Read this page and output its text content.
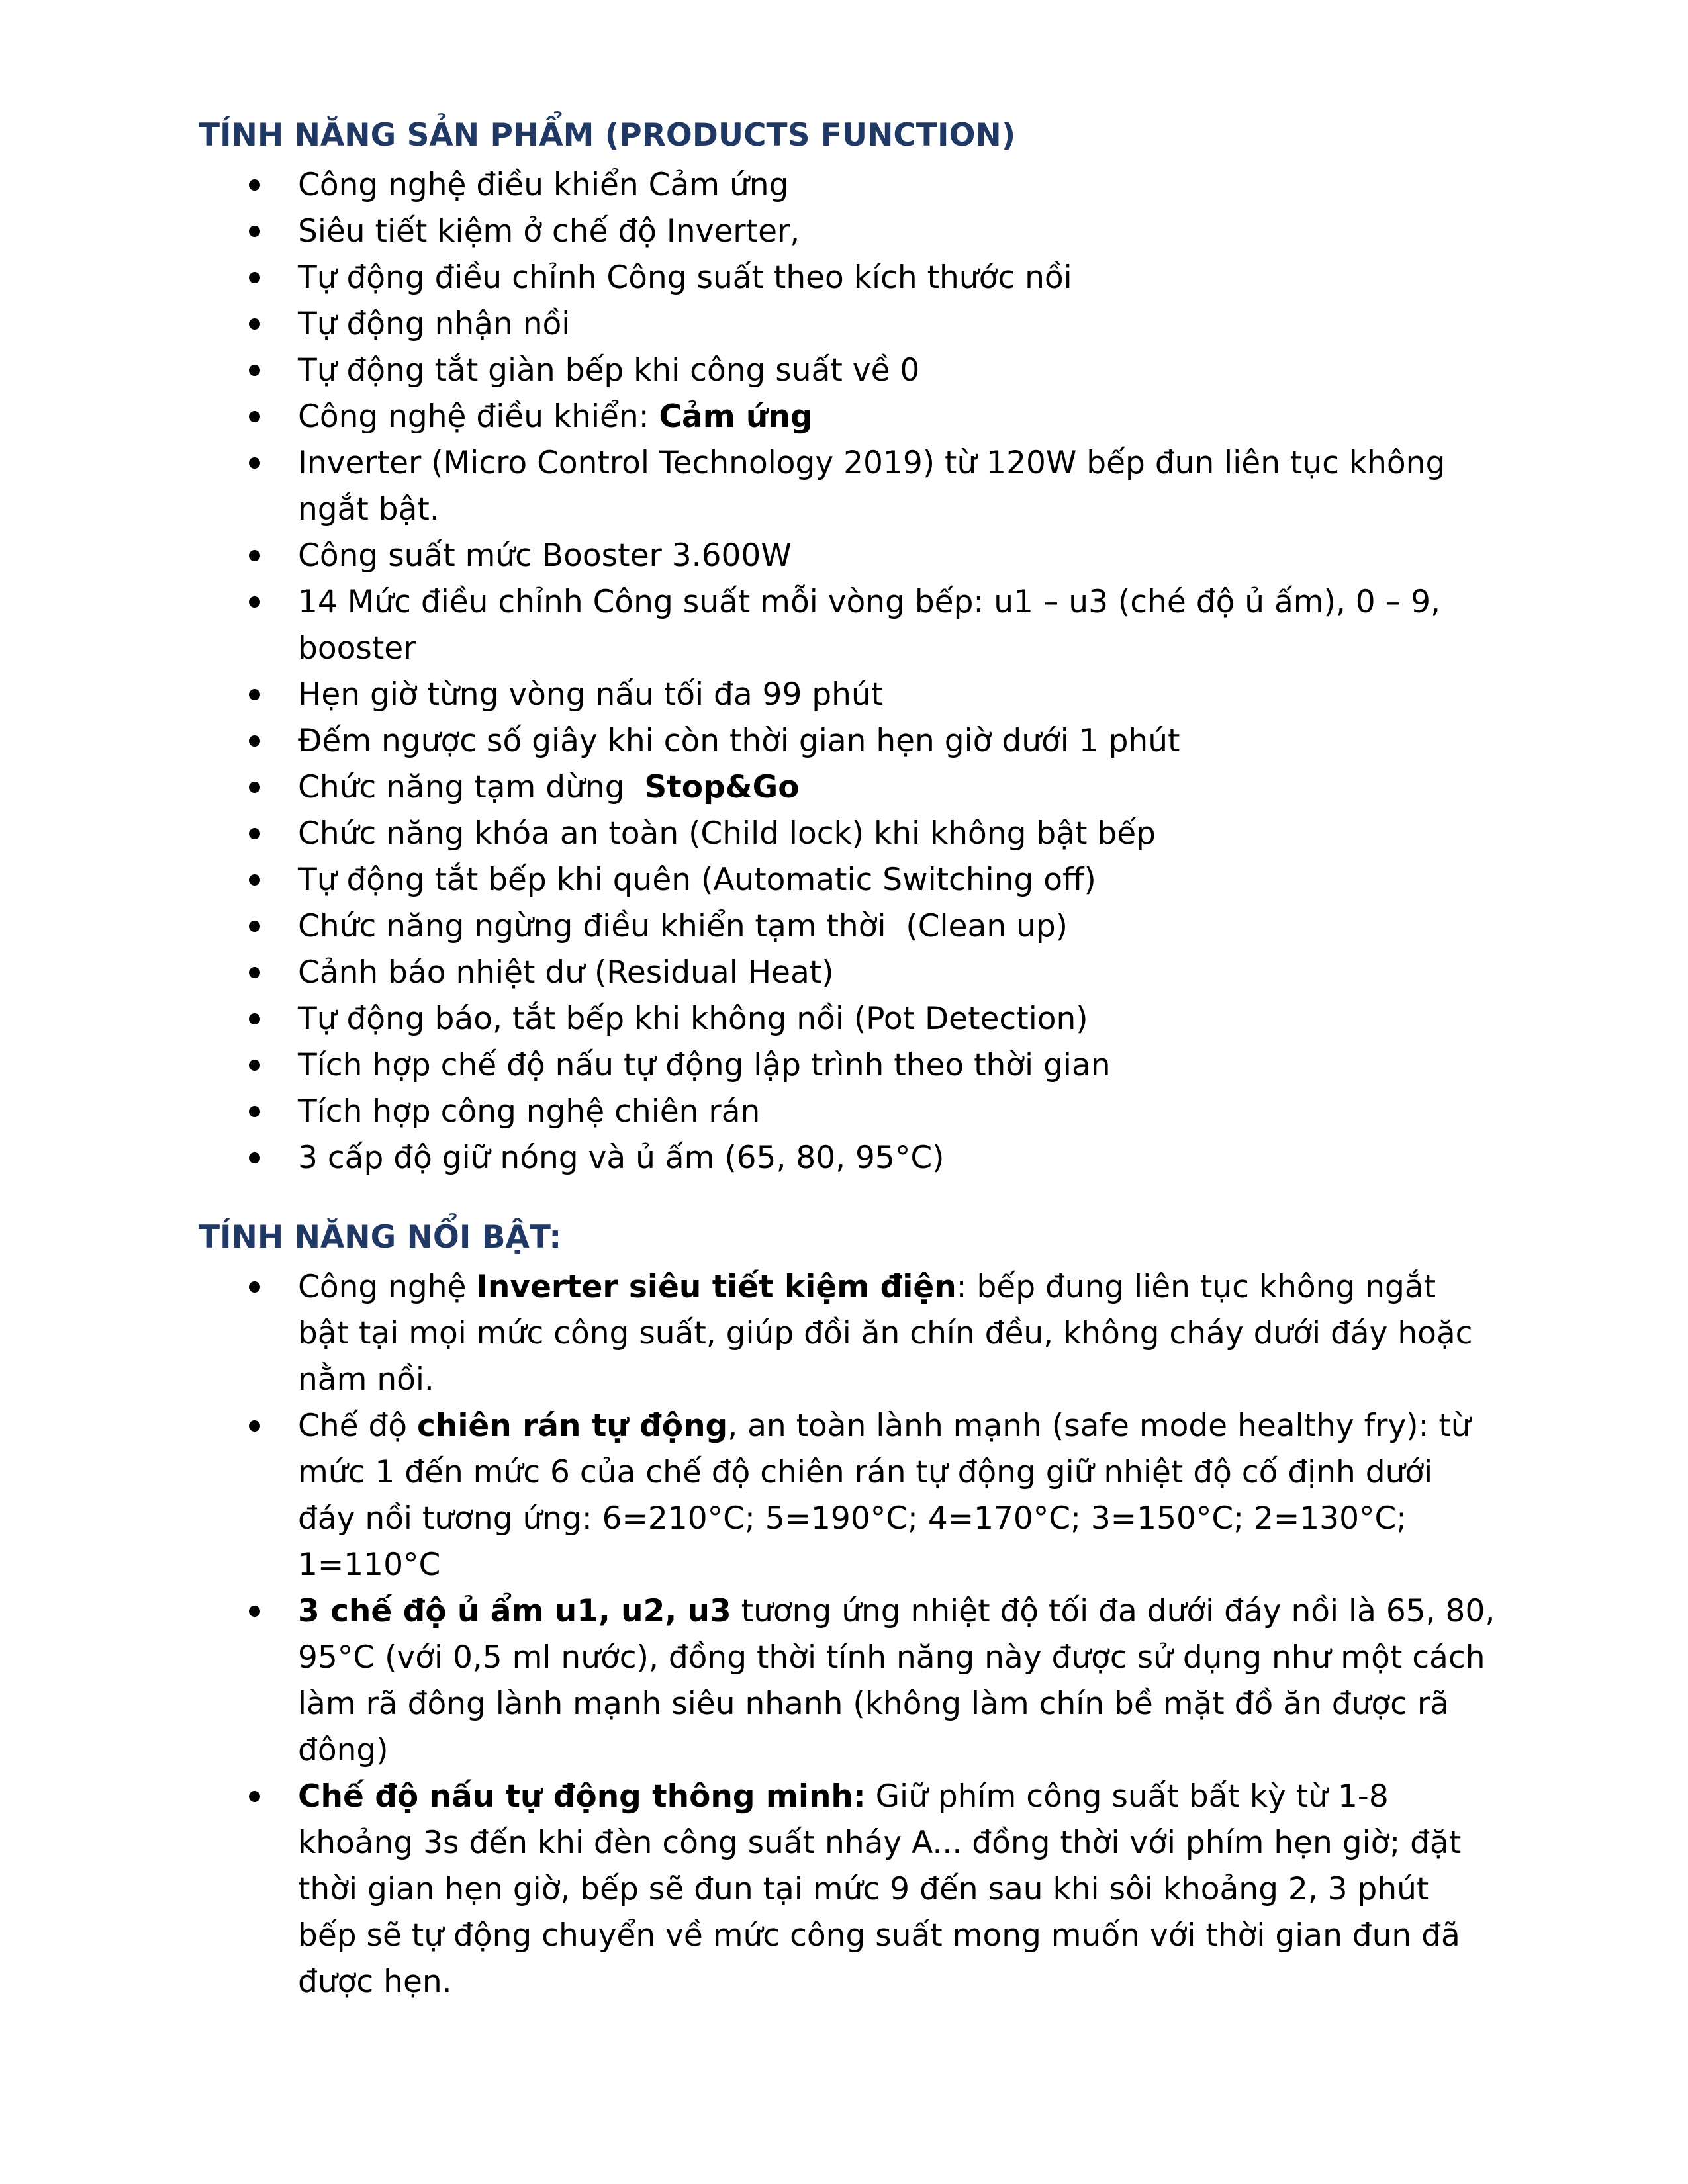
TÍNH NĂNG SẢN PHẨM (PRODUCTS FUNCTION)
Công nghệ điều khiển Cảm ứng
Siêu tiết kiệm ở chế độ Inverter,
Tự động điều chỉnh Công suất theo kích thước nồi
Tự động nhận nồi
Tự động tắt giàn bếp khi công suất về 0
Công nghệ điều khiển: Cảm ứng
Inverter (Micro Control Technology 2019) từ 120W bếp đun liên tục không ngắt bật.
Công suất mức Booster 3.600W
14 Mức điều chỉnh Công suất mỗi vòng bếp: u1 – u3 (ché độ ủ ấm), 0 – 9, booster
Hẹn giờ từng vòng nấu tối đa 99 phút
Đếm ngược số giây khi còn thời gian hẹn giờ dưới 1 phút
Chức năng tạm dừng  Stop&Go
Chức năng khóa an toàn (Child lock) khi không bật bếp
Tự động tắt bếp khi quên (Automatic Switching off)
Chức năng ngừng điều khiển tạm thời  (Clean up)
Cảnh báo nhiệt dư (Residual Heat)
Tự động báo, tắt bếp khi không nồi (Pot Detection)
Tích hợp chế độ nấu tự động lập trình theo thời gian
Tích hợp công nghệ chiên rán
3 cấp độ giữ nóng và ủ ấm (65, 80, 95°C)
TÍNH NĂNG NỔI BẬT:
Công nghệ Inverter siêu tiết kiệm điện: bếp đung liên tục không ngắt bật tại mọi mức công suất, giúp đồi ăn chín đều, không cháy dưới đáy hoặc nằm nồi.
Chế độ chiên rán tự động, an toàn lành mạnh (safe mode healthy fry): từ mức 1 đến mức 6 của chế độ chiên rán tự động giữ nhiệt độ cố định dưới đáy nồi tương ứng: 6=210°C; 5=190°C; 4=170°C; 3=150°C; 2=130°C; 1=110°C
3 chế độ ủ ẩm u1, u2, u3 tương ứng nhiệt độ tối đa dưới đáy nồi là 65, 80, 95°C (với 0,5 ml nước), đồng thời tính năng này được sử dụng như một cách làm rã đông lành mạnh siêu nhanh (không làm chín bề mặt đồ ăn được rã đông)
Chế độ nấu tự động thông minh: Giữ phím công suất bất kỳ từ 1-8 khoảng 3s đến khi đèn công suất nháy A... đồng thời với phím hẹn giờ; đặt thời gian hẹn giờ, bếp sẽ đun tại mức 9 đến sau khi sôi khoảng 2, 3 phút bếp sẽ tự động chuyển về mức công suất mong muốn với thời gian đun đã được hẹn.
